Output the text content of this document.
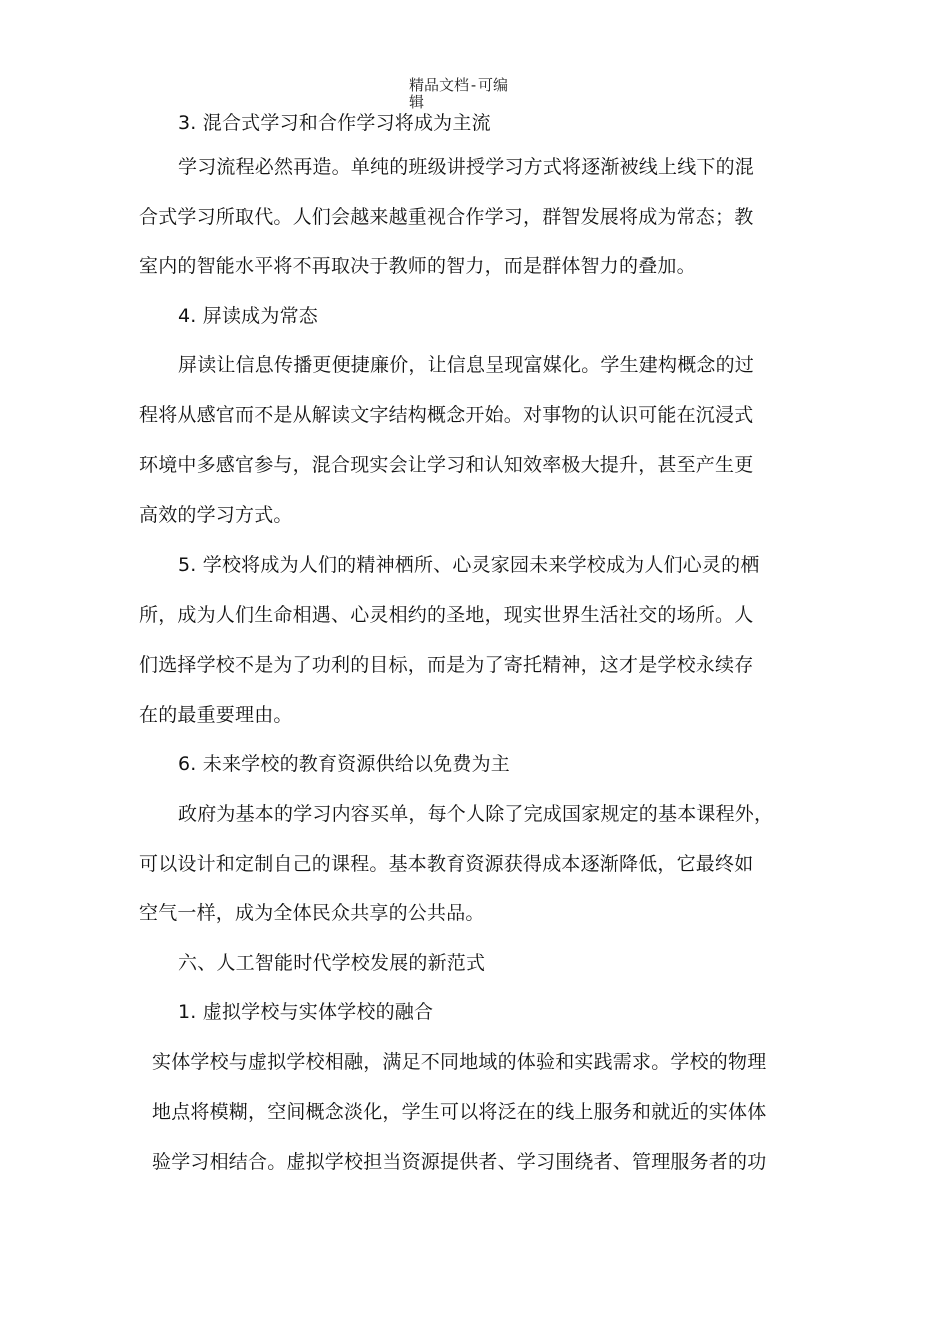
精品文档-可编辑
3. 混合式学习和合作学习将成为主流
学习流程必然再造。单纯的班级讲授学习方式将逐渐被线上线下的混
合式学习所取代。人们会越来越重视合作学习，群智发展将成为常态；教
室内的智能水平将不再取决于教师的智力，而是群体智力的叠加。
4. 屏读成为常态
屏读让信息传播更便捷廉价，让信息呈现富媒化。学生建构概念的过
程将从感官而不是从解读文字结构概念开始。对事物的认识可能在沉浸式
环境中多感官参与，混合现实会让学习和认知效率极大提升，甚至产生更
高效的学习方式。
5. 学校将成为人们的精神栖所、心灵家园未来学校成为人们心灵的栖
所，成为人们生命相遇、心灵相约的圣地，现实世界生活社交的场所。人
们选择学校不是为了功利的目标，而是为了寄托精神，这才是学校永续存
在的最重要理由。
6. 未来学校的教育资源供给以免费为主
政府为基本的学习内容买单，每个人除了完成国家规定的基本课程外，
可以设计和定制自己的课程。基本教育资源获得成本逐渐降低，它最终如
空气一样，成为全体民众共享的公共品。
六、人工智能时代学校发展的新范式
1. 虚拟学校与实体学校的融合
实体学校与虚拟学校相融，满足不同地域的体验和实践需求。学校的物理
地点将模糊，空间概念淡化，学生可以将泛在的线上服务和就近的实体体
验学习相结合。虚拟学校担当资源提供者、学习围绕者、管理服务者的功
